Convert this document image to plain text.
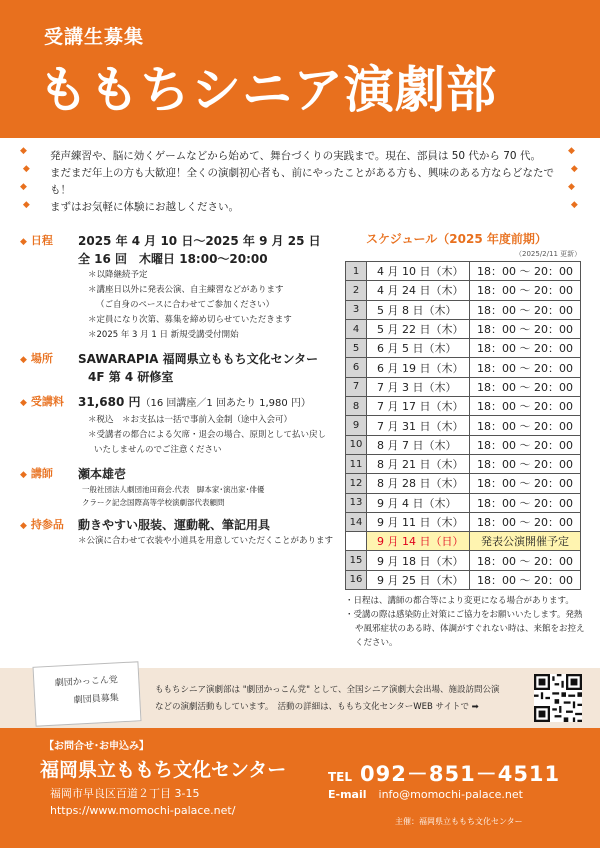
受講生募集
ももちシニア演劇部
◆
◆
◆
◆
◆
◆
◆
◆
発声練習や、脳に効くゲームなどから始めて、舞台づくりの実践まで。現在、部員は 50 代から 70 代。
まだまだ年上の方も大歓迎！全くの演劇初心者も、前にやったことがある方も、興味のある方ならどなたでも！
まずはお気軽に体験にお越しください。
◆ 日程 2025 年 4 月 10 日～2025 年 9 月 25 日
全 16 回　木曜日 18:00～20:00
＊以降継続予定
＊講座日以外に発表公演、自主練習などがあります
（ご自身のペースに合わせてご参加ください）
＊定員になり次第、募集を締め切らせていただきます
＊2025 年 3 月 1 日 新規受講受付開始
◆ 場所 SAWARAPIA 福岡県立ももち文化センター
4F 第 4 研修室
◆ 受講料 31,680 円（16 回講座／1 回あたり 1,980 円）
＊税込　＊お支払は一括で事前入金制（途中入会可）
＊受講者の都合による欠席・退会の場合、原則として払い戻し
いたしませんのでご注意ください
◆ 講師 瀬本雄壱
一般社団法人劇団池田商会.代表　脚本家･演出家･俳優
クラーク記念国際高等学校演劇部代表顧問
◆ 持参品 動きやすい服装、運動靴、筆記用具
＊公演に合わせて衣装や小道具を用意していただくことがあります
スケジュール（2025 年度前期）
（2025/2/11 更新）
1	4 月 10 日（木）	18：00 ～ 20：00
2	4 月 24 日（木）	18：00 ～ 20：00
3	5 月 8 日（木）	18：00 ～ 20：00
4	5 月 22 日（木）	18：00 ～ 20：00
5	6 月 5 日（木）	18：00 ～ 20：00
6	6 月 19 日（木）	18：00 ～ 20：00
7	7 月 3 日（木）	18：00 ～ 20：00
8	7 月 17 日（木）	18：00 ～ 20：00
9	7 月 31 日（木）	18：00 ～ 20：00
10	8 月 7 日（木）	18：00 ～ 20：00
11	8 月 21 日（木）	18：00 ～ 20：00
12	8 月 28 日（木）	18：00 ～ 20：00
13	9 月 4 日（木）	18：00 ～ 20：00
14	9 月 11 日（木）	18：00 ～ 20：00
	9 月 14 日（日）	発表公演開催予定
15	9 月 18 日（木）	18：00 ～ 20：00
16	9 月 25 日（木）	18：00 ～ 20：00
・日程は、講師の都合等により変更になる場合があります。
・受講の際は感染防止対策にご協力をお願いいたします。発熱や風邪症状のある時、体調がすぐれない時は、来館をお控えください。
劇団かっこん党
劇団員募集
ももちシニア演劇部は "劇団かっこん党" として、全国シニア演劇大会出場、施設訪問公演
などの演劇活動もしています。　活動の詳細は、ももち文化センターWEB サイトで ➡
【お問合せ･お申込み】
福岡県立ももち文化センター
福岡市早良区百道２丁目 3-15
https://www.momochi-palace.net/
TEL 092－851－4511
E-mail info@momochi-palace.net
主催：福岡県立ももち文化センター
